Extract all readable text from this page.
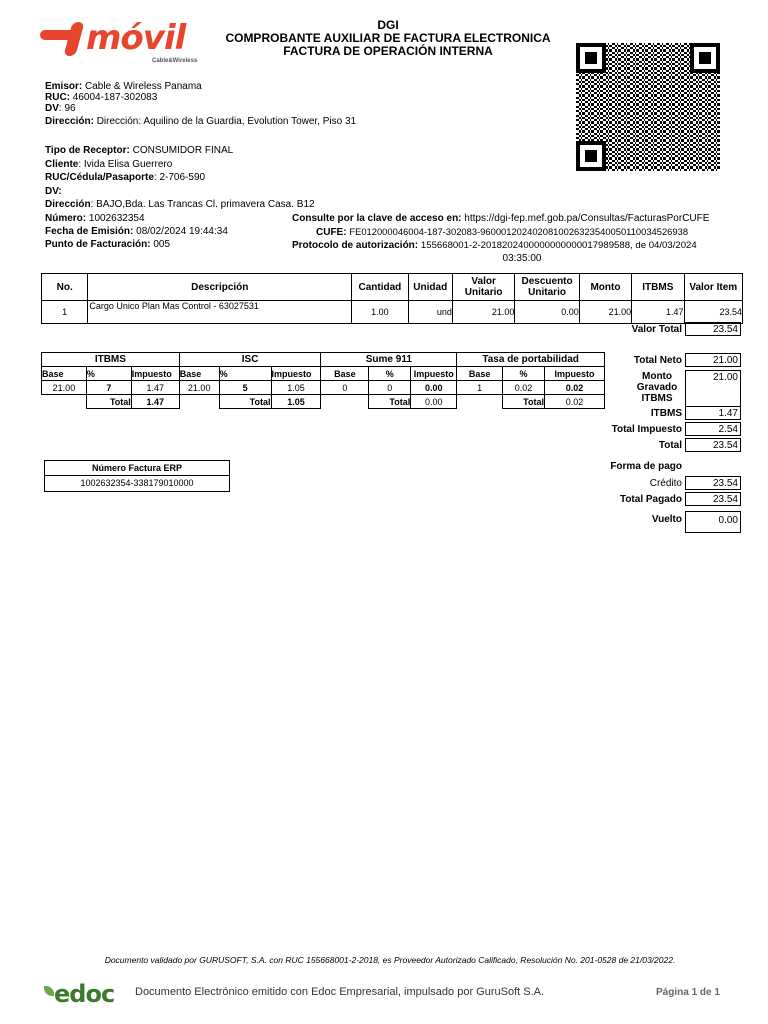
móvil
Cable&Wireless
DGI
COMPROBANTE AUXILIAR DE FACTURA ELECTRONICA
FACTURA DE OPERACIÓN INTERNA
Emisor: Cable & Wireless Panama
RUC: 46004-187-302083
DV: 96
Dirección: Dirección: Aquilino de la Guardia, Evolution Tower, Piso 31
Tipo de Receptor: CONSUMIDOR FINAL
Cliente: Ivida Elisa Guerrero
RUC/Cédula/Pasaporte: 2-706-590
DV:
Dirección: BAJO,Bda. Las Trancas Cl. primavera Casa. B12
Número: 1002632354
Fecha de Emisión: 08/02/2024 19:44:34
Punto de Facturación: 005
Consulte por la clave de acceso en: https://dgi-fep.mef.gob.pa/Consultas/FacturasPorCUFE
CUFE: FE012000046004-187-302083-9600012024020810026323540050110034526938
Protocolo de autorización: 155668001-2-2018202400000000000017989588, de 04/03/2024
03:35:00
No.	Descripción	Cantidad	Unidad	Valor Unitario	Descuento Unitario	Monto	ITBMS	Valor Item
1	Cargo Unico Plan Mas Control - 63027531	1.00	und	21.00	0.00	21.00	1.47	23.54
Valor Total	23.54
ITBMS			ISC			Sume 911			Tasa de portabilidad		
Base	%	Impuesto	Base	%	Impuesto	Base	%	Impuesto	Base	%	Impuesto
21.00	7	1.47	21.00	5	1.05	0	0	0.00	1	0.02	0.02
	Total	1.47		Total	1.05		Total	0.00		Total	0.02
Total Neto	21.00
Monto
Gravado
ITBMS
21.00
ITBMS	1.47
Total Impuesto	2.54
Total	23.54
Forma de pago
Crédito	23.54
Total Pagado	23.54
Vuelto	0.00
Número Factura ERP
1002632354-338179010000
Documento validado por GURUSOFT, S.A. con RUC 155668001-2-2018, es Proveedor Autorizado Calificado, Resolución No. 201-0528 de 21/03/2022.
edoc Documento Electrónico emitido con Edoc Empresarial, impulsado por GuruSoft S.A.	Página 1 de 1
